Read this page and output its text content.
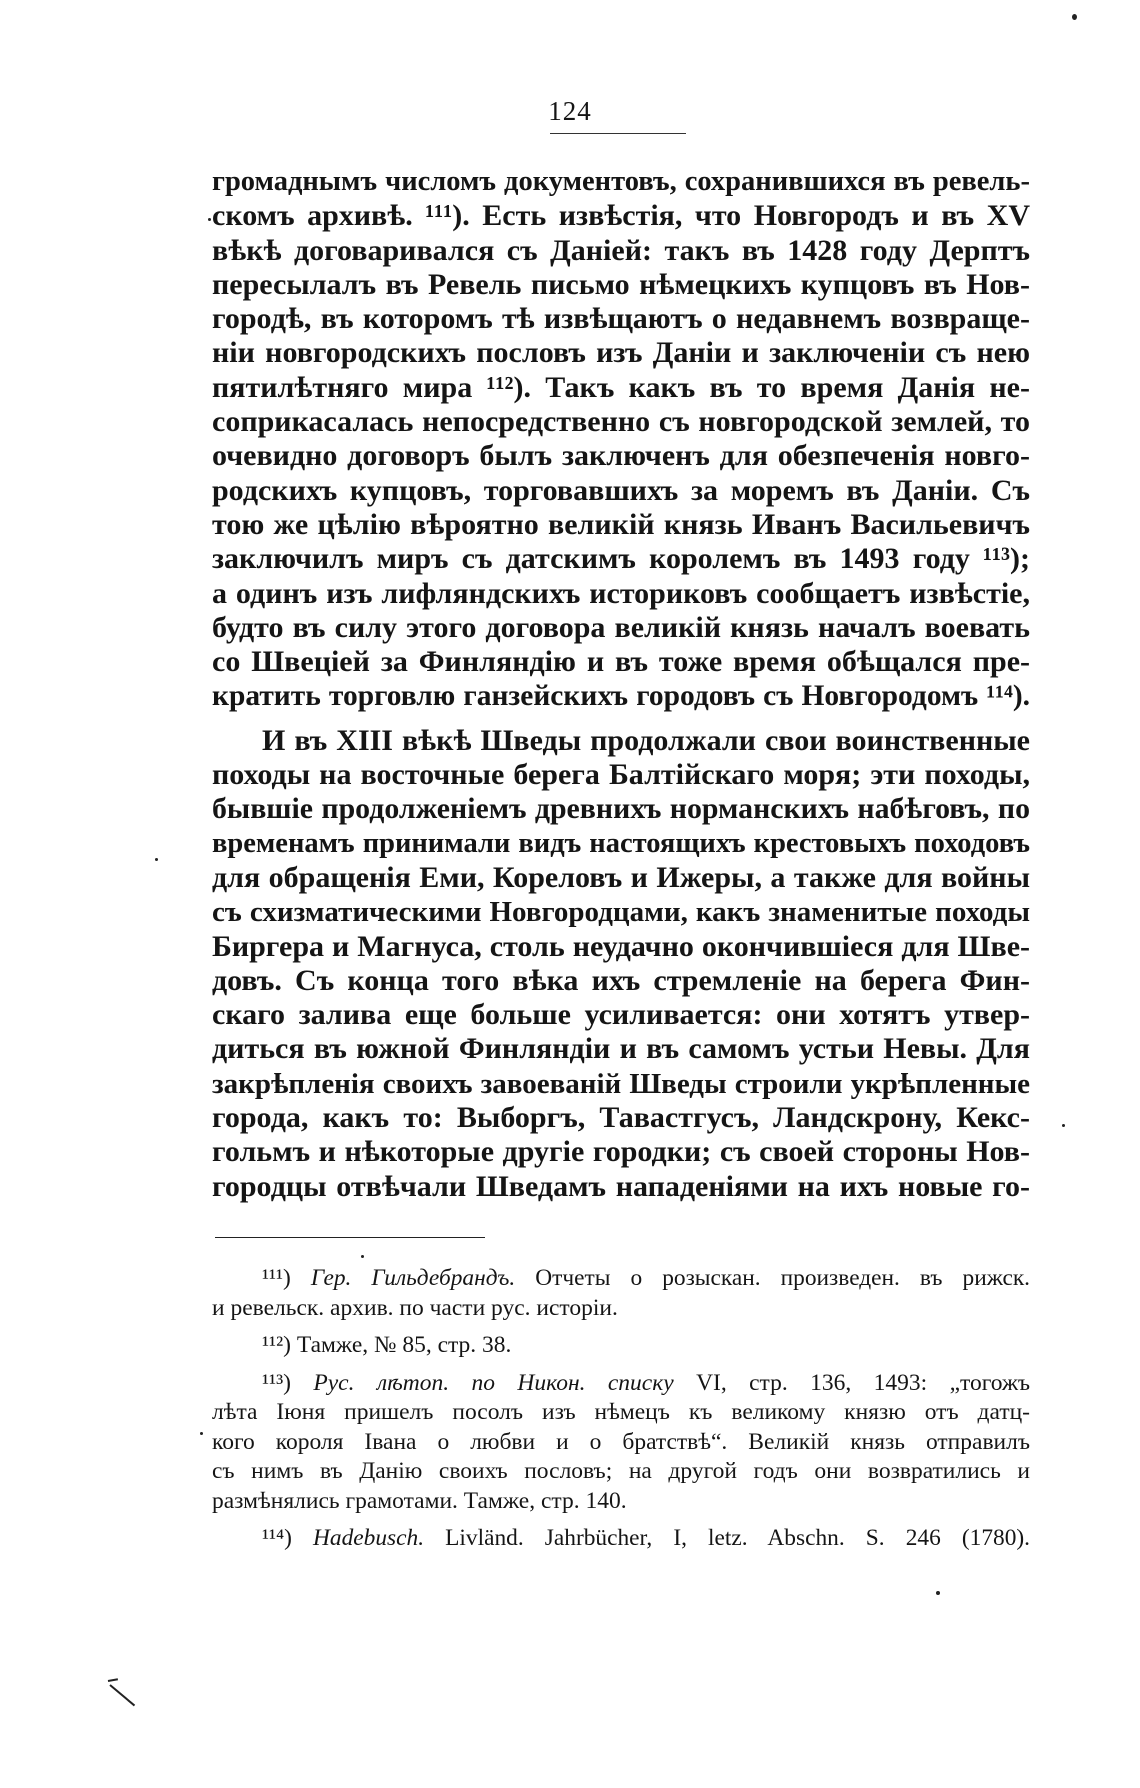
124
громаднымъ числомъ документовъ, сохранившихся въ ревель-
скомъ архивѣ. ¹¹¹). Есть извѣстія, что Новгородъ и въ XV
вѣкѣ договаривался съ Даніей: такъ въ 1428 году Дерптъ
пересылалъ въ Ревель письмо нѣмецкихъ купцовъ въ Нов-
городѣ, въ которомъ тѣ извѣщаютъ о недавнемъ возвраще-
ніи новгородскихъ пословъ изъ Даніи и заключеніи съ нею
пятилѣтняго мира ¹¹²). Такъ какъ въ то время Данія не-
соприкасалась непосредственно съ новгородской землей, то
очевидно договоръ былъ заключенъ для обезпеченія новго-
родскихъ купцовъ, торговавшихъ за моремъ въ Даніи. Съ
тою же цѣлію вѣроятно великій князь Иванъ Васильевичъ
заключилъ миръ съ датскимъ королемъ въ 1493 году ¹¹³);
а одинъ изъ лифляндскихъ историковъ сообщаетъ извѣстіе,
будто въ силу этого договора великій князь началъ воевать
со Швеціей за Финляндію и въ тоже время обѣщался пре-
кратить торговлю ганзейскихъ городовъ съ Новгородомъ ¹¹⁴).
И въ XIII вѣкѣ Шведы продолжали свои воинственные
походы на восточные берега Балтійскаго моря; эти походы,
бывшіе продолженіемъ древнихъ норманскихъ набѣговъ, по
временамъ принимали видъ настоящихъ крестовыхъ походовъ
для обращенія Еми, Кореловъ и Ижеры, а также для войны
съ схизматическими Новгородцами, какъ знаменитые походы
Биргера и Магнуса, столь неудачно окончившіеся для Шве-
довъ. Съ конца того вѣка ихъ стремленіе на берега Фин-
скаго залива еще больше усиливается: они хотятъ утвер-
диться въ южной Финляндіи и въ самомъ устьи Невы. Для
закрѣпленія своихъ завоеваній Шведы строили укрѣпленные
города, какъ то: Выборгъ, Тавастгусъ, Ландскрону, Кекс-
гольмъ и нѣкоторые другіе городки; съ своей стороны Нов-
городцы отвѣчали Шведамъ нападеніями на ихъ новые го-
¹¹¹) Гер. Гильдебрандъ. Отчеты о розыскан. произведен. въ рижск.
и ревельск. архив. по части рус. исторіи.
¹¹²) Тамже, № 85, стр. 38.
¹¹³) Рус. лѣтоп. по Никон. списку VI, стр. 136, 1493: „тогожъ
лѣта Іюня пришелъ посолъ изъ нѣмецъ къ великому князю отъ датц-
кого короля Івана о любви и о братствѣ“. Великій князь отправилъ
съ нимъ въ Данію своихъ пословъ; на другой годъ они возвратились и
размѣнялись грамотами. Тамже, стр. 140.
¹¹⁴) Hadebusch. Livländ. Jahrbücher, I, letz. Abschn. S. 246 (1780).
